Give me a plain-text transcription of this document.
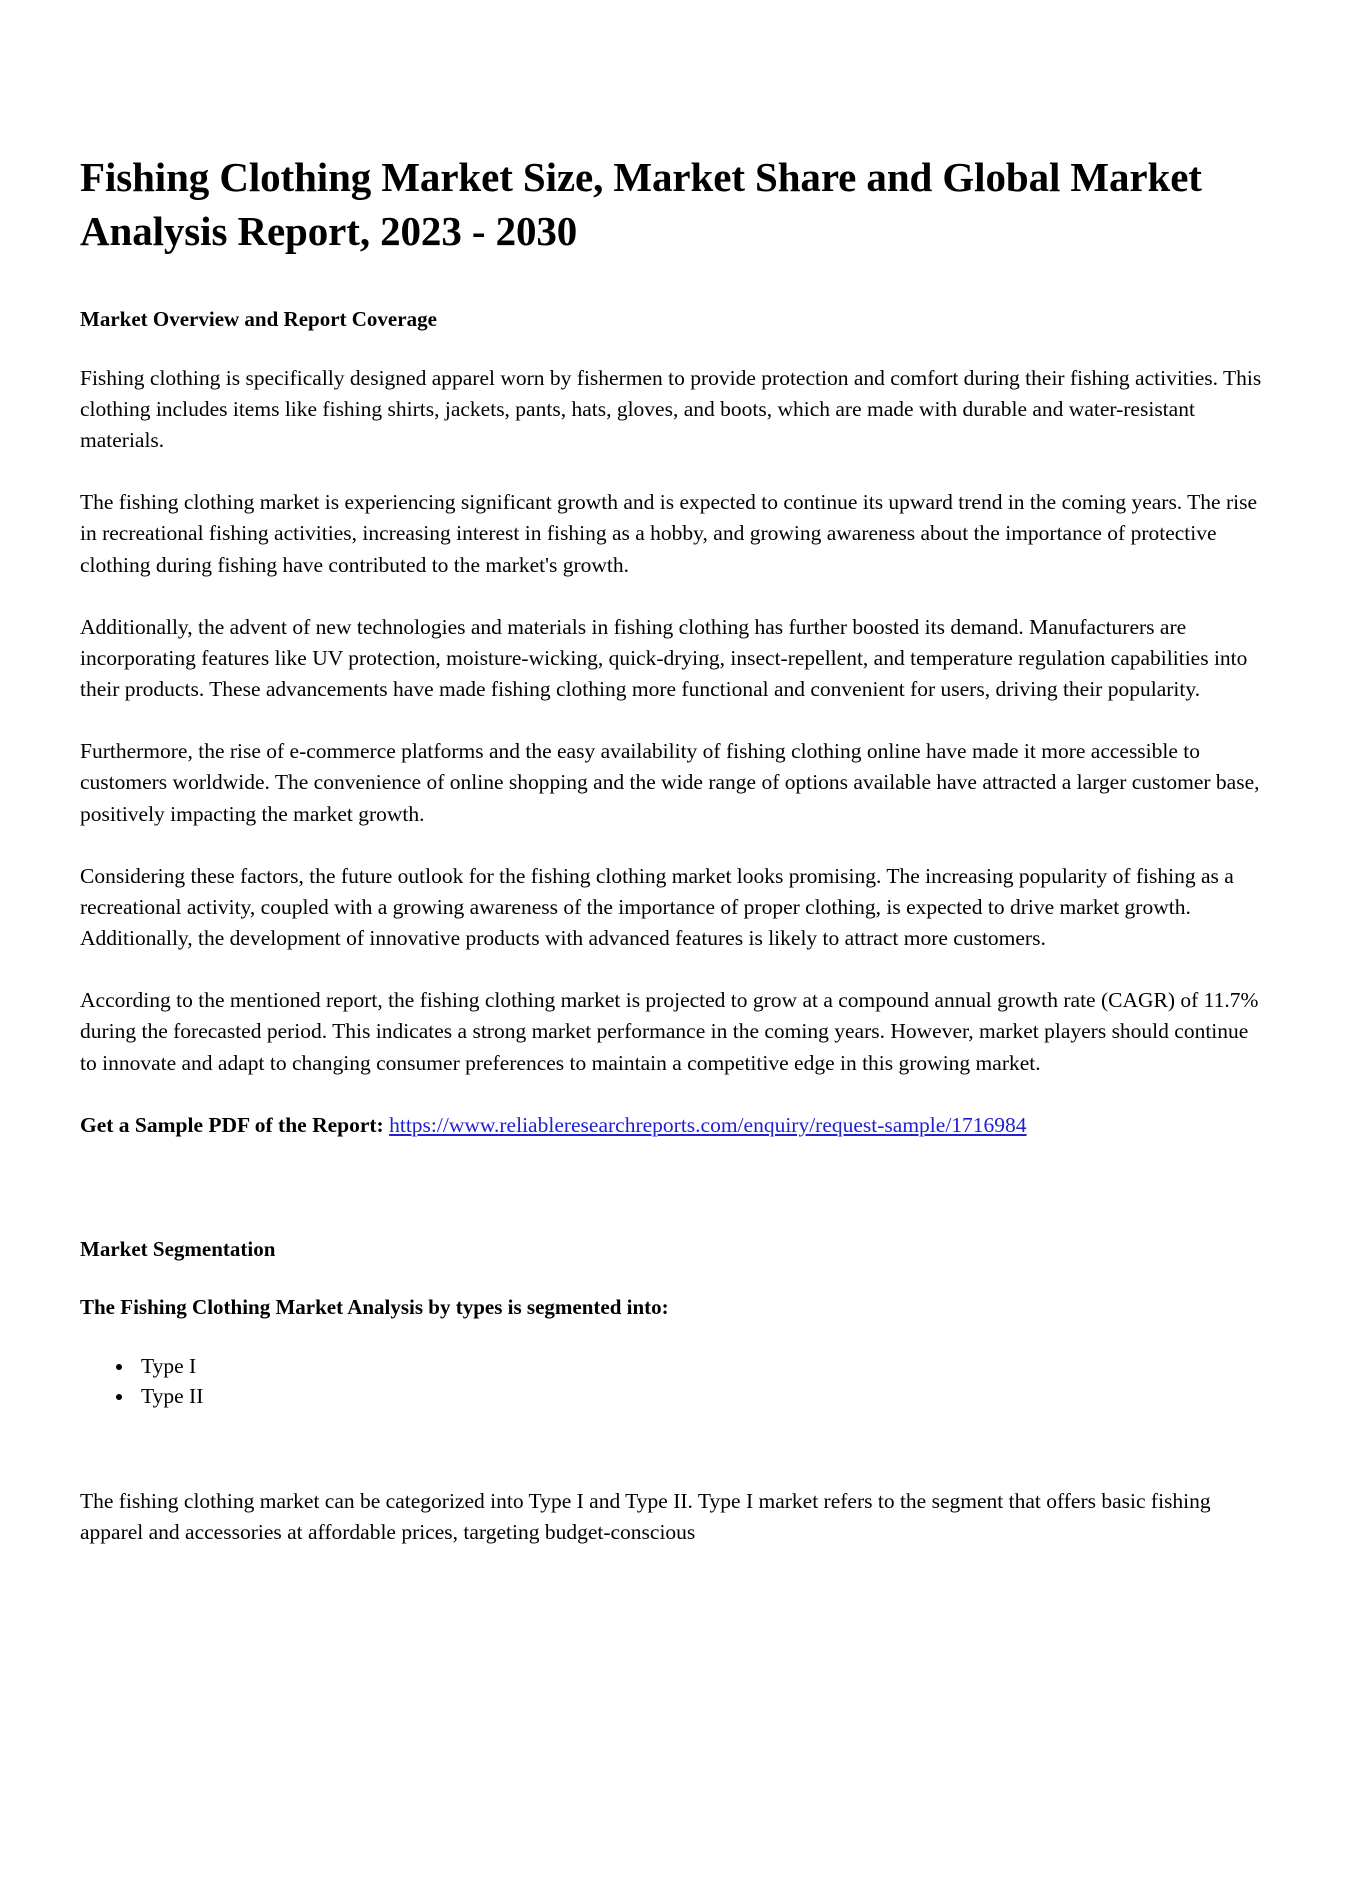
Fishing Clothing Market Size, Market Share and Global Market Analysis Report, 2023 - 2030
Market Overview and Report Coverage

Fishing clothing is specifically designed apparel worn by fishermen to provide protection and comfort during their fishing activities. This clothing includes items like fishing shirts, jackets, pants, hats, gloves, and boots, which are made with durable and water-resistant materials.

The fishing clothing market is experiencing significant growth and is expected to continue its upward trend in the coming years. The rise in recreational fishing activities, increasing interest in fishing as a hobby, and growing awareness about the importance of protective clothing during fishing have contributed to the market's growth.

Additionally, the advent of new technologies and materials in fishing clothing has further boosted its demand. Manufacturers are incorporating features like UV protection, moisture-wicking, quick-drying, insect-repellent, and temperature regulation capabilities into their products. These advancements have made fishing clothing more functional and convenient for users, driving their popularity.

Furthermore, the rise of e-commerce platforms and the easy availability of fishing clothing online have made it more accessible to customers worldwide. The convenience of online shopping and the wide range of options available have attracted a larger customer base, positively impacting the market growth.

Considering these factors, the future outlook for the fishing clothing market looks promising. The increasing popularity of fishing as a recreational activity, coupled with a growing awareness of the importance of proper clothing, is expected to drive market growth. Additionally, the development of innovative products with advanced features is likely to attract more customers.

According to the mentioned report, the fishing clothing market is projected to grow at a compound annual growth rate (CAGR) of 11.7% during the forecasted period. This indicates a strong market performance in the coming years. However, market players should continue to innovate and adapt to changing consumer preferences to maintain a competitive edge in this growing market.

Get a Sample PDF of the Report: https://www.reliableresearchreports.com/enquiry/request-sample/1716984
Market Segmentation
The Fishing Clothing Market Analysis by types is segmented into:
• Type I
• Type II

The fishing clothing market can be categorized into Type I and Type II. Type I market refers to the segment that offers basic fishing apparel and accessories at affordable prices, targeting budget-conscious
